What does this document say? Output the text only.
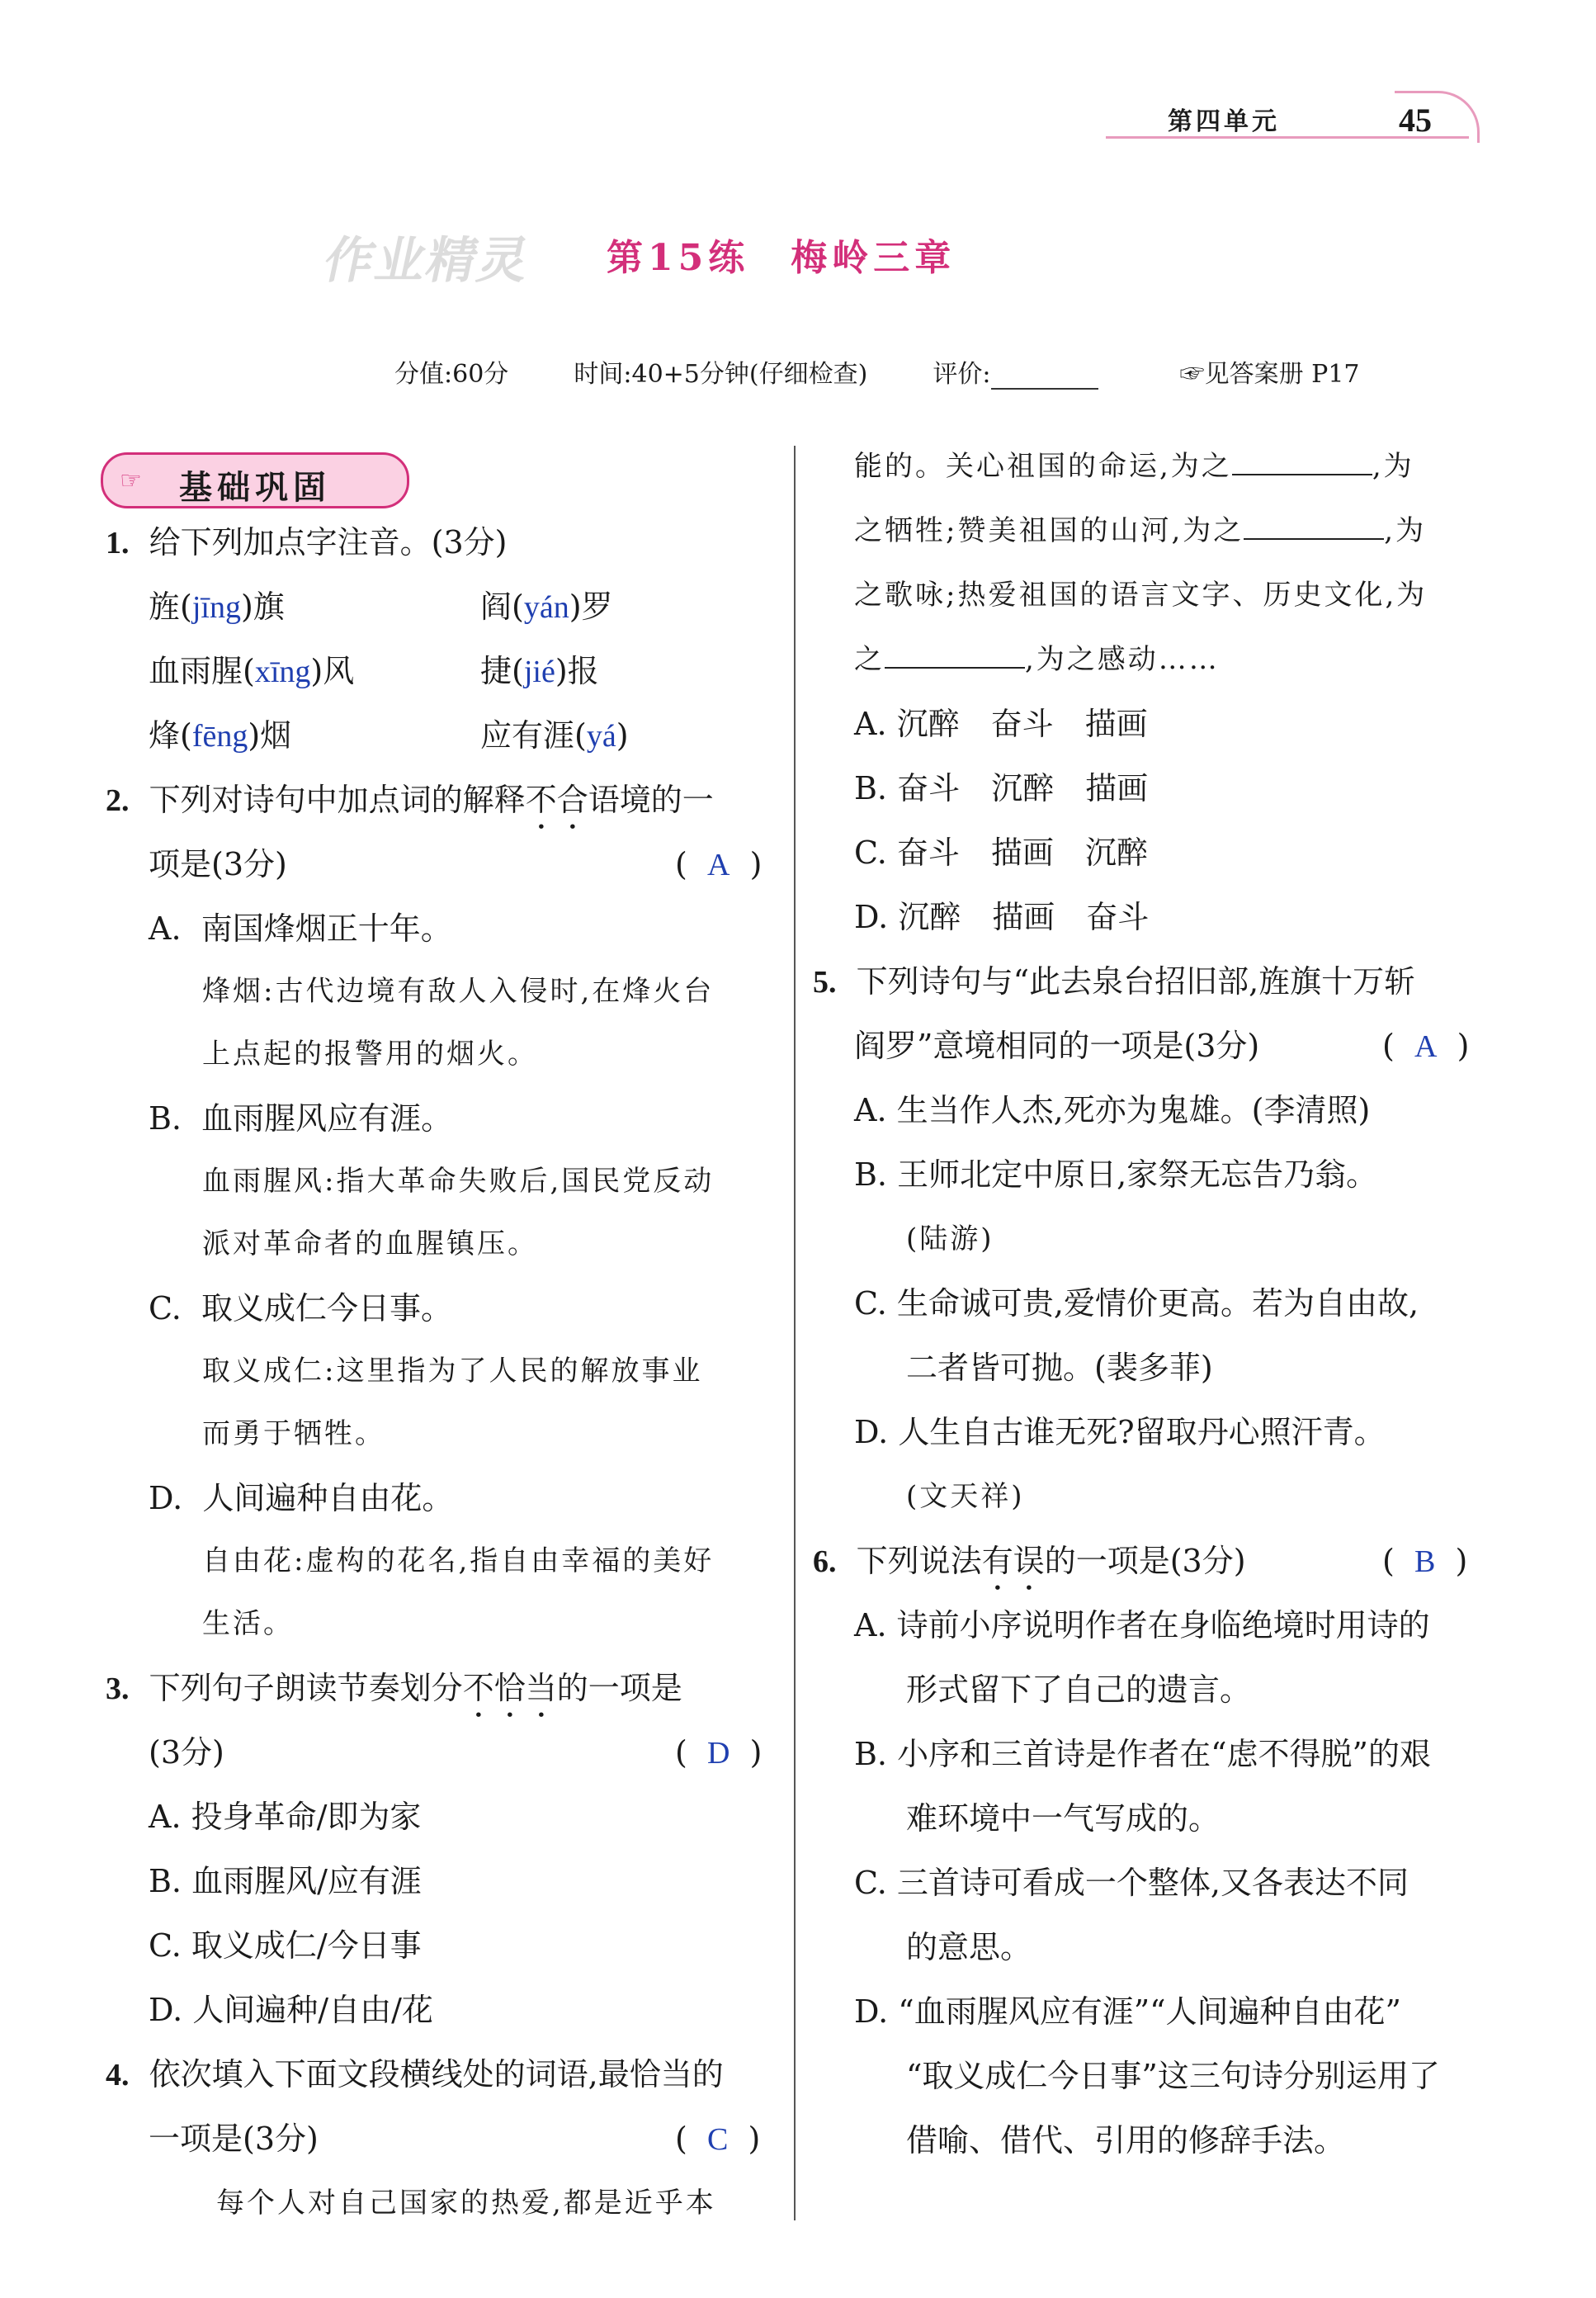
第四单元	45
作业精灵 第15练　梅岭三章
分值:60分	时间:40+5分钟(仔细检查)	评价:	☞见答案册 P17
☞ 基础巩固
1. 给下列加点字注音。(3分)
旌(jīng)旗	阎(yán)罗
血雨腥(xīng)风	捷(jié)报
烽(fēng)烟	应有涯(yá)
2. 下列对诗句中加点词的解释不合语境的一
项是(3分)	(  A  )
A.  南国烽烟正十年。
烽烟:古代边境有敌人入侵时,在烽火台
上点起的报警用的烟火。
B.  血雨腥风应有涯。
血雨腥风:指大革命失败后,国民党反动
派对革命者的血腥镇压。
C.  取义成仁今日事。
取义成仁:这里指为了人民的解放事业
而勇于牺牲。
D.  人间遍种自由花。
自由花:虚构的花名,指自由幸福的美好
生活。
3. 下列句子朗读节奏划分不恰当的一项是
(3分)	(  D  )
A. 投身革命/即为家
B. 血雨腥风/应有涯
C. 取义成仁/今日事
D. 人间遍种/自由/花
4. 依次填入下面文段横线处的词语,最恰当的
一项是(3分)	(  C  )
每个人对自己国家的热爱,都是近乎本
能的。关心祖国的命运,为之	,为
之牺牲;赞美祖国的山河,为之	,为
之歌咏;热爱祖国的语言文字、历史文化,为
之	,为之感动……
A. 沉醉　奋斗　描画
B. 奋斗　沉醉　描画
C. 奋斗　描画　沉醉
D. 沉醉　描画　奋斗
5. 下列诗句与“此去泉台招旧部,旌旗十万斩
阎罗”意境相同的一项是(3分)	(  A  )
A. 生当作人杰,死亦为鬼雄。(李清照)
B. 王师北定中原日,家祭无忘告乃翁。
(陆游)
C. 生命诚可贵,爱情价更高。若为自由故,
二者皆可抛。(裴多菲)
D. 人生自古谁无死?留取丹心照汗青。
(文天祥)
6. 下列说法有误的一项是(3分)	(  B  )
A. 诗前小序说明作者在身临绝境时用诗的
形式留下了自己的遗言。
B. 小序和三首诗是作者在“虑不得脱”的艰
难环境中一气写成的。
C. 三首诗可看成一个整体,又各表达不同
的意思。
D. “血雨腥风应有涯”“人间遍种自由花”
“取义成仁今日事”这三句诗分别运用了
借喻、借代、引用的修辞手法。
